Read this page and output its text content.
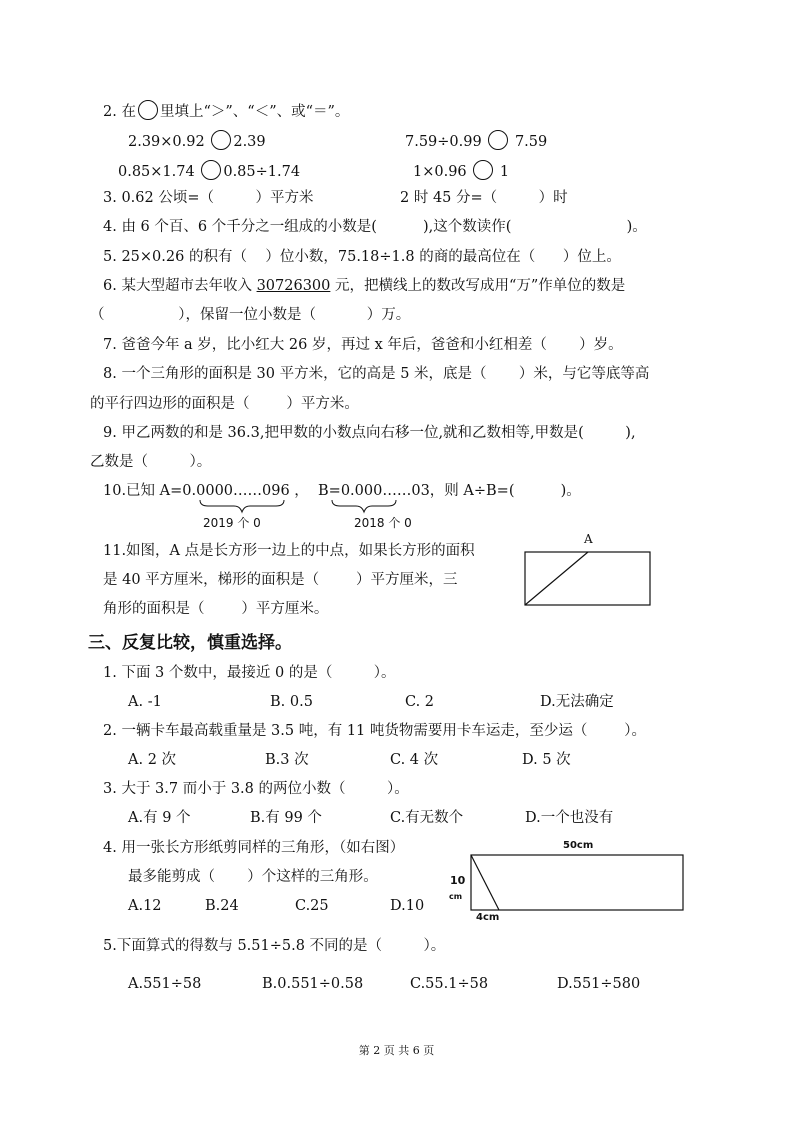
2. 在 里填上“＞”、“＜”、或“＝”。
2.39×0.92 2.39	7.59÷0.99 7.59
0.85×1.74 0.85÷1.74	1×0.96 1
3. 0.62 公顷=（         ）平方米	2 时 45 分=（         ）时
4. 由 6 个百、6 个千分之一组成的小数是(          ),这个数读作(                         )。
5. 25×0.26 的积有（    ）位小数，75.18÷1.8 的商的最高位在（      ）位上。
6. 某大型超市去年收入 30726300 元，把横线上的数改写成用“万”作单位的数是
（                ），保留一位小数是（           ）万。
7. 爸爸今年 a 岁，比小红大 26 岁，再过 x 年后，爸爸和小红相差（       ）岁。
8. 一个三角形的面积是 30 平方米，它的高是 5 米，底是（       ）米，与它等底等高
的平行四边形的面积是（        ）平方米。
9. 甲乙两数的和是 36.3,把甲数的小数点向右移一位,就和乙数相等,甲数是(         ),
乙数是（         ）。
10.已知 A=0.0000……096 ，  B=0.000……03，则 A÷B=(          )。
2019 个 0	2018 个 0
11.如图，A 点是长方形一边上的中点，如果长方形的面积
是 40 平方厘米，梯形的面积是（        ）平方厘米，三
角形的面积是（        ）平方厘米。
A
三、反复比较，慎重选择。
1. 下面 3 个数中，最接近 0 的是（         ）。
A. -1	B. 0.5	C. 2	D.无法确定
2. 一辆卡车最高载重量是 3.5 吨，有 11 吨货物需要用卡车运走，至少运（        ）。
A. 2 次	B.3 次	C. 4 次	D. 5 次
3. 大于 3.7 而小于 3.8 的两位小数（         ）。
A.有 9 个	B.有 99 个	C.有无数个	D.一个也没有
4. 用一张长方形纸剪同样的三角形，（如右图）
最多能剪成（       ）个这样的三角形。
A.12	B.24	C.25	D.10
50cm
10
cm
4cm
5.下面算式的得数与 5.51÷5.8 不同的是（         ）。
A.551÷58	B.0.551÷0.58	C.55.1÷58	D.551÷580
第 2 页 共 6 页
